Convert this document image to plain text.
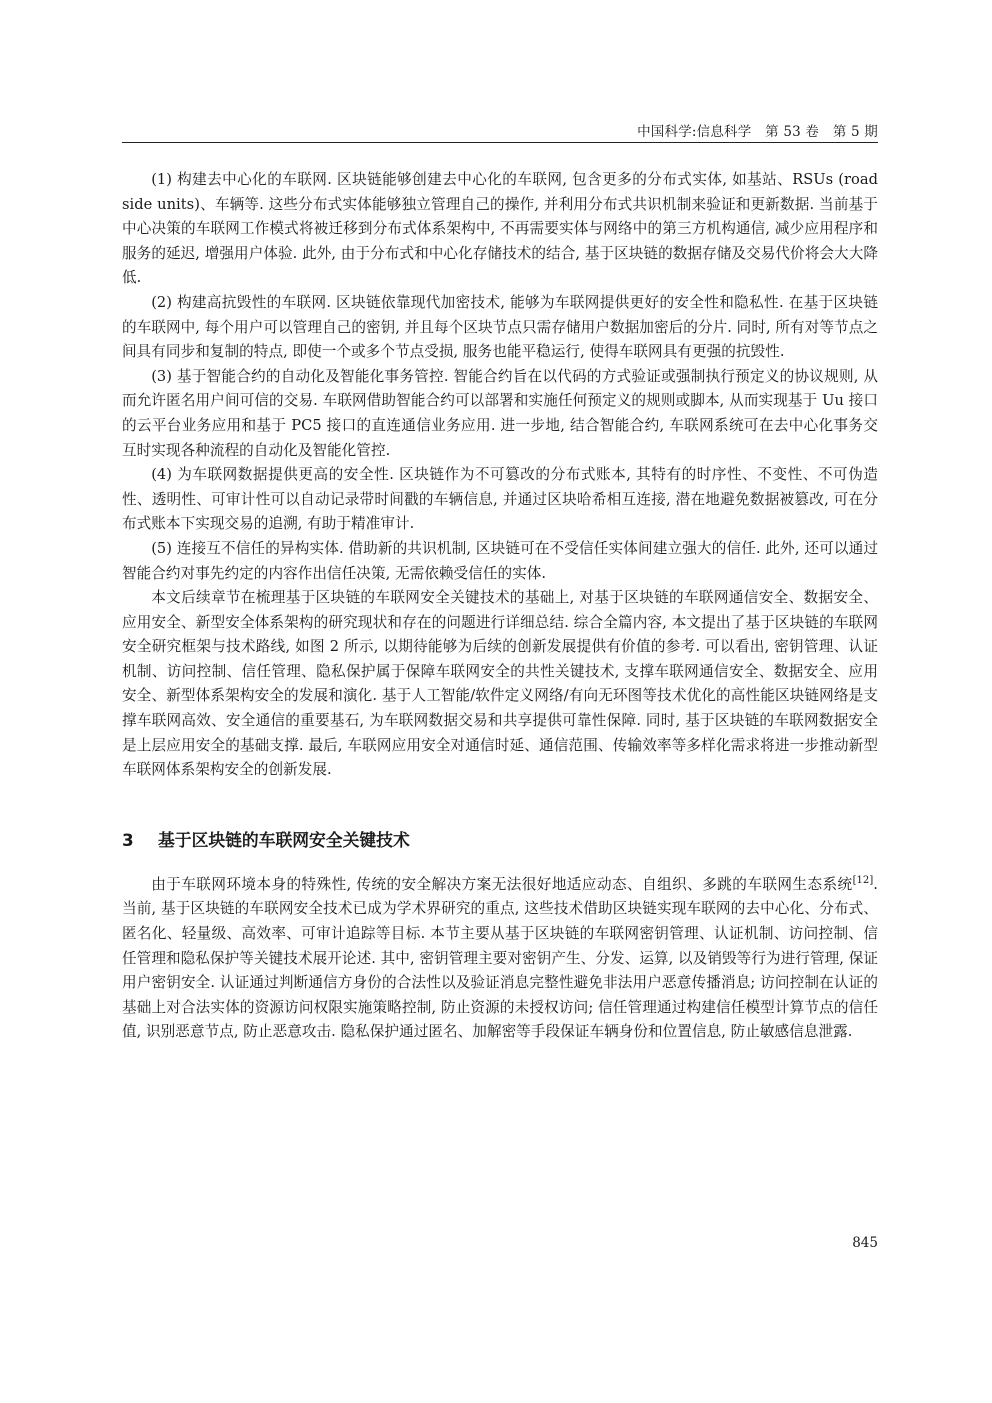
中国科学:信息科学　第 53 卷　第 5 期

(1) 构建去中心化的车联网. 区块链能够创建去中心化的车联网, 包含更多的分布式实体, 如基站、RSUs (road side units)、车辆等. 这些分布式实体能够独立管理自己的操作, 并利用分布式共识机制来验证和更新数据. 当前基于中心决策的车联网工作模式将被迁移到分布式体系架构中, 不再需要实体与网络中的第三方机构通信, 减少应用程序和服务的延迟, 增强用户体验. 此外, 由于分布式和中心化存储技术的结合, 基于区块链的数据存储及交易代价将会大大降低.

(2) 构建高抗毁性的车联网. 区块链依靠现代加密技术, 能够为车联网提供更好的安全性和隐私性. 在基于区块链的车联网中, 每个用户可以管理自己的密钥, 并且每个区块节点只需存储用户数据加密后的分片. 同时, 所有对等节点之间具有同步和复制的特点, 即使一个或多个节点受损, 服务也能平稳运行, 使得车联网具有更强的抗毁性.

(3) 基于智能合约的自动化及智能化事务管控. 智能合约旨在以代码的方式验证或强制执行预定义的协议规则, 从而允许匿名用户间可信的交易. 车联网借助智能合约可以部署和实施任何预定义的规则或脚本, 从而实现基于 Uu 接口的云平台业务应用和基于 PC5 接口的直连通信业务应用. 进一步地, 结合智能合约, 车联网系统可在去中心化事务交互时实现各种流程的自动化及智能化管控.

(4) 为车联网数据提供更高的安全性. 区块链作为不可篡改的分布式账本, 其特有的时序性、不变性、不可伪造性、透明性、可审计性可以自动记录带时间戳的车辆信息, 并通过区块哈希相互连接, 潜在地避免数据被篡改, 可在分布式账本下实现交易的追溯, 有助于精准审计.

(5) 连接互不信任的异构实体. 借助新的共识机制, 区块链可在不受信任实体间建立强大的信任. 此外, 还可以通过智能合约对事先约定的内容作出信任决策, 无需依赖受信任的实体.

本文后续章节在梳理基于区块链的车联网安全关键技术的基础上, 对基于区块链的车联网通信安全、数据安全、应用安全、新型安全体系架构的研究现状和存在的问题进行详细总结. 综合全篇内容, 本文提出了基于区块链的车联网安全研究框架与技术路线, 如图 2 所示, 以期待能够为后续的创新发展提供有价值的参考. 可以看出, 密钥管理、认证机制、访问控制、信任管理、隐私保护属于保障车联网安全的共性关键技术, 支撑车联网通信安全、数据安全、应用安全、新型体系架构安全的发展和演化. 基于人工智能/软件定义网络/有向无环图等技术优化的高性能区块链网络是支撑车联网高效、安全通信的重要基石, 为车联网数据交易和共享提供可靠性保障. 同时, 基于区块链的车联网数据安全是上层应用安全的基础支撑. 最后, 车联网应用安全对通信时延、通信范围、传输效率等多样化需求将进一步推动新型车联网体系架构安全的创新发展.

3 基于区块链的车联网安全关键技术

由于车联网环境本身的特殊性, 传统的安全解决方案无法很好地适应动态、自组织、多跳的车联网生态系统[12]. 当前, 基于区块链的车联网安全技术已成为学术界研究的重点, 这些技术借助区块链实现车联网的去中心化、分布式、匿名化、轻量级、高效率、可审计追踪等目标. 本节主要从基于区块链的车联网密钥管理、认证机制、访问控制、信任管理和隐私保护等关键技术展开论述. 其中, 密钥管理主要对密钥产生、分发、运算, 以及销毁等行为进行管理, 保证用户密钥安全. 认证通过判断通信方身份的合法性以及验证消息完整性避免非法用户恶意传播消息; 访问控制在认证的基础上对合法实体的资源访问权限实施策略控制, 防止资源的未授权访问; 信任管理通过构建信任模型计算节点的信任值, 识别恶意节点, 防止恶意攻击. 隐私保护通过匿名、加解密等手段保证车辆身份和位置信息, 防止敏感信息泄露.

845
